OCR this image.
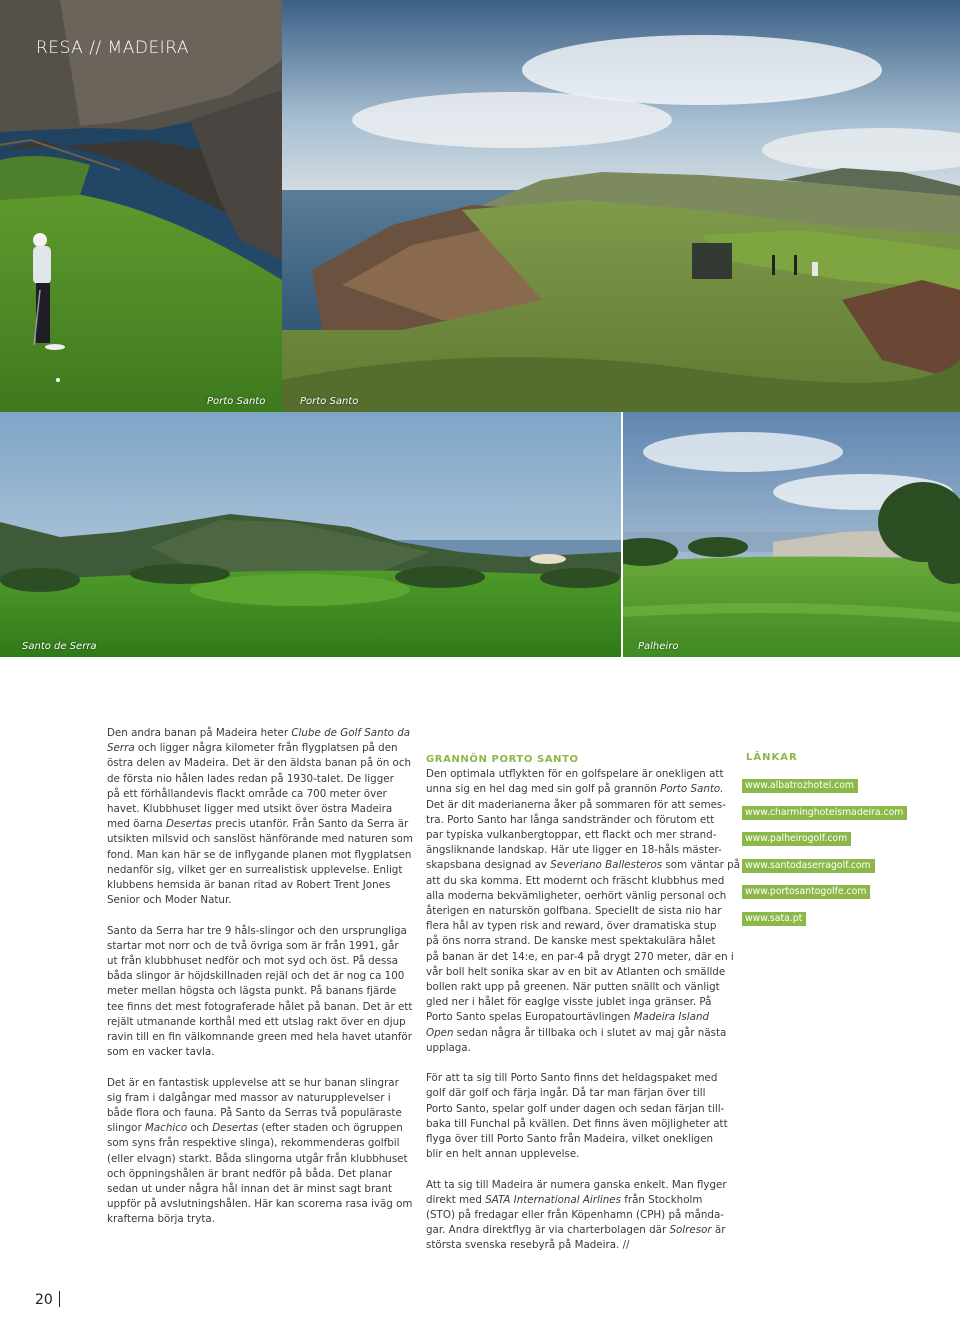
RESA // MADEIRA
Porto Santo	Porto Santo
Santo de Serra	Palheiro

Den andra banan på Madeira heter Clube de Golf Santo da
Serra och ligger några kilometer från flygplatsen på den
östra delen av Madeira. Det är den äldsta banan på ön och
de första nio hålen lades redan på 1930-talet. De ligger
på ett förhållandevis flackt område ca 700 meter över
havet. Klubbhuset ligger med utsikt över östra Madeira
med öarna Desertas precis utanför. Från Santo da Serra är
utsikten milsvid och sanslöst hänförande med naturen som
fond. Man kan här se de inflygande planen mot flygplatsen
nedanför sig, vilket ger en surrealistisk upplevelse. Enligt
klubbens hemsida är banan ritad av Robert Trent Jones
Senior och Moder Natur.

Santo da Serra har tre 9 håls-slingor och den ursprungliga
startar mot norr och de två övriga som är från 1991, går
ut från klubbhuset nedför och mot syd och öst. På dessa
båda slingor är höjdskillnaden rejäl och det är nog ca 100
meter mellan högsta och lägsta punkt. På banans fjärde
tee finns det mest fotograferade hålet på banan. Det är ett
rejält utmanande korthål med ett utslag rakt över en djup
ravin till en fin välkomnande green med hela havet utanför
som en vacker tavla.

Det är en fantastisk upplevelse att se hur banan slingrar
sig fram i dalgångar med massor av naturupplevelser i
både flora och fauna. På Santo da Serras två populäraste
slingor Machico och Desertas (efter staden och ögruppen
som syns från respektive slinga), rekommenderas golfbil
(eller elvagn) starkt. Båda slingorna utgår från klubbhuset
och öppningshålen är brant nedför på båda. Det planar
sedan ut under några hål innan det är minst sagt brant
uppför på avslutningshålen. Här kan scorerna rasa iväg om
krafterna börja tryta.

GRANNÖN PORTO SANTO

Den optimala utflykten för en golfspelare är onekligen att
unna sig en hel dag med sin golf på grannön Porto Santo.
Det är dit maderianerna åker på sommaren för att semes-
tra. Porto Santo har långa sandstränder och förutom ett
par typiska vulkanbergtoppar, ett flackt och mer strand-
ängsliknande landskap. Här ute ligger en 18-håls mäster-
skapsbana designad av Severiano Ballesteros som väntar på
att du ska komma. Ett modernt och fräscht klubbhus med
alla moderna bekvämligheter, oerhört vänlig personal och
återigen en naturskön golfbana. Speciellt de sista nio har
flera hål av typen risk and reward, över dramatiska stup
på öns norra strand. De kanske mest spektakulära hålet
på banan är det 14:e, en par-4 på drygt 270 meter, där en i
vår boll helt sonika skar av en bit av Atlanten och smällde
bollen rakt upp på greenen. När putten snällt och vänligt
gled ner i hålet för eaglge visste jublet inga gränser. På
Porto Santo spelas Europatourtävlingen Madeira Island
Open sedan några år tillbaka och i slutet av maj går nästa
upplaga.

För att ta sig till Porto Santo finns det heldagspaket med
golf där golf och färja ingår. Då tar man färjan över till
Porto Santo, spelar golf under dagen och sedan färjan till-
baka till Funchal på kvällen. Det finns även möjligheter att
flyga över till Porto Santo från Madeira, vilket onekligen
blir en helt annan upplevelse.

Att ta sig till Madeira är numera ganska enkelt. Man flyger
direkt med SATA International Airlines från Stockholm
(STO) på fredagar eller från Köpenhamn (CPH) på månda-
gar. Andra direktflyg är via charterbolagen där Solresor är
största svenska resebyrå på Madeira. //

LÄNKAR
www.albatrozhotel.com
www.charminghotelsmadeira.com
www.palheirogolf.com
www.santodaserragolf.com
www.portosantogolfe.com
www.sata.pt
20
